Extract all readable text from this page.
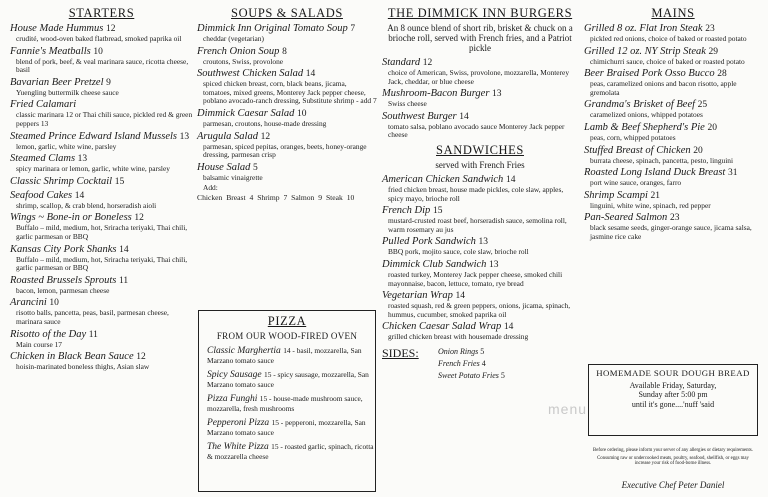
STARTERS
House Made Hummus 12
crudité, wood-oven baked flatbread, smoked paprika oil
Fannie's Meatballs 10
blend of pork, beef, & veal marinara sauce, ricotta cheese, basil
Bavarian Beer Pretzel 9
Yuengling buttermilk cheese sauce
Fried Calamari
classic marinara 12 or Thai chili sauce, pickled red & green peppers 13
Steamed Prince Edward Island Mussels 13
lemon, garlic, white wine, parsley
Steamed Clams 13
spicy marinara or lemon, garlic, white wine, parsley
Classic Shrimp Cocktail 15
Seafood Cakes 14
shrimp, scallop, & crab blend, horseradish aioli
Wings ~ Bone-in or Boneless 12
Buffalo – mild, medium, hot, Sriracha teriyaki, Thai chili, garlic parmesan or BBQ
Kansas City Pork Shanks 14
Buffalo – mild, medium, hot, Sriracha teriyaki, Thai chili, garlic parmesan or BBQ
Roasted Brussels Sprouts 11
bacon, lemon, parmesan cheese
Arancini 10
risotto balls, pancetta, peas, basil, parmesan cheese, marinara sauce
Risotto of the Day 11
Main course 17
Chicken in Black Bean Sauce 12
hoisin-marinated boneless thighs, Asian slaw
SOUPS & SALADS
Dimmick Inn Original Tomato Soup 7
cheddar (vegetarian)
French Onion Soup 8
croutons, Swiss, provolone
Southwest Chicken Salad 14
spiced chicken breast, corn, black beans, jicama, tomatoes, mixed greens, Monterey Jack pepper cheese, poblano avocado-ranch dressing, Substitute shrimp - add 7
Dimmick Caesar Salad 10
parmesan, croutons, house-made dressing
Arugula Salad 12
parmesan, spiced pepitas, oranges, beets, honey-orange dressing, parmesan crisp
House Salad 5
balsamic vinaigrette
Add:
Chicken Breast 4 Shrimp 7 Salmon 9 Steak 10
PIZZA
FROM OUR WOOD-FIRED OVEN
Classic Marghertia 14 - basil, mozzarella, San Marzano tomato sauce
Spicy Sausage 15 - spicy sausage, mozzarella, San Marzano tomato sauce
Pizza Funghi 15 - house-made mushroom sauce, mozzarella, fresh mushrooms
Pepperoni Pizza 15 - pepperoni, mozzarella, San Marzano tomato sauce
The White Pizza 15 - roasted garlic, spinach, ricotta & mozzarella cheese
THE DIMMICK INN BURGERS
An 8 ounce blend of short rib, brisket & chuck on a brioche roll, served with French fries, and a Patriot pickle
Standard 12
choice of American, Swiss, provolone, mozzarella, Monterey Jack, cheddar, or blue cheese
Mushroom-Bacon Burger 13
Swiss cheese
Southwest Burger 14
tomato salsa, poblano avocado sauce Monterey Jack pepper cheese
SANDWICHES
served with French Fries
American Chicken Sandwich 14
fried chicken breast, house made pickles, cole slaw, apples, spicy mayo, brioche roll
French Dip 15
mustard-crusted roast beef, horseradish sauce, semolina roll, warm rosemary au jus
Pulled Pork Sandwich 13
BBQ pork, mojito sauce, cole slaw, brioche roll
Dimmick Club Sandwich 13
roasted turkey, Monterey Jack pepper cheese, smoked chili mayonnaise, bacon, lettuce, tomato, rye bread
Vegetarian Wrap 14
roasted squash, red & green peppers, onions, jicama, spinach, hummus, cucumber, smoked paprika oil
Chicken Caesar Salad Wrap 14
grilled chicken breast with housemade dressing
SIDES: Onion Rings 5
French Fries 4
Sweet Potato Fries 5
MAINS
Grilled 8 oz. Flat Iron Steak 23
pickled red onions, choice of baked or roasted potato
Grilled 12 oz. NY Strip Steak 29
chimichurri sauce, choice of baked or roasted potato
Beer Braised Pork Osso Bucco 28
peas, caramelized onions and bacon risotto, apple gremolata
Grandma's Brisket of Beef 25
caramelized onions, whipped potatoes
Lamb & Beef Shepherd's Pie 20
peas, corn, whipped potatoes
Stuffed Breast of Chicken 20
burrata cheese, spinach, pancetta, pesto, linguini
Roasted Long Island Duck Breast 31
port wine sauce, oranges, farro
Shrimp Scampi 21
linguini, white wine, spinach, red pepper
Pan-Seared Salmon 23
black sesame seeds, ginger-orange sauce, jicama salsa, jasmine rice cake
HOMEMADE SOUR DOUGH BREAD
Available Friday, Saturday,
Sunday after 5:00 pm
until it's gone....'nuff 'said
Before ordering, please inform your server of any allergies or dietary requirements.
Consuming raw or undercooked meats, poultry, seafood, shellfish, or eggs may increase your risk of food-borne illness.
Executive Chef Peter Daniel
menu
